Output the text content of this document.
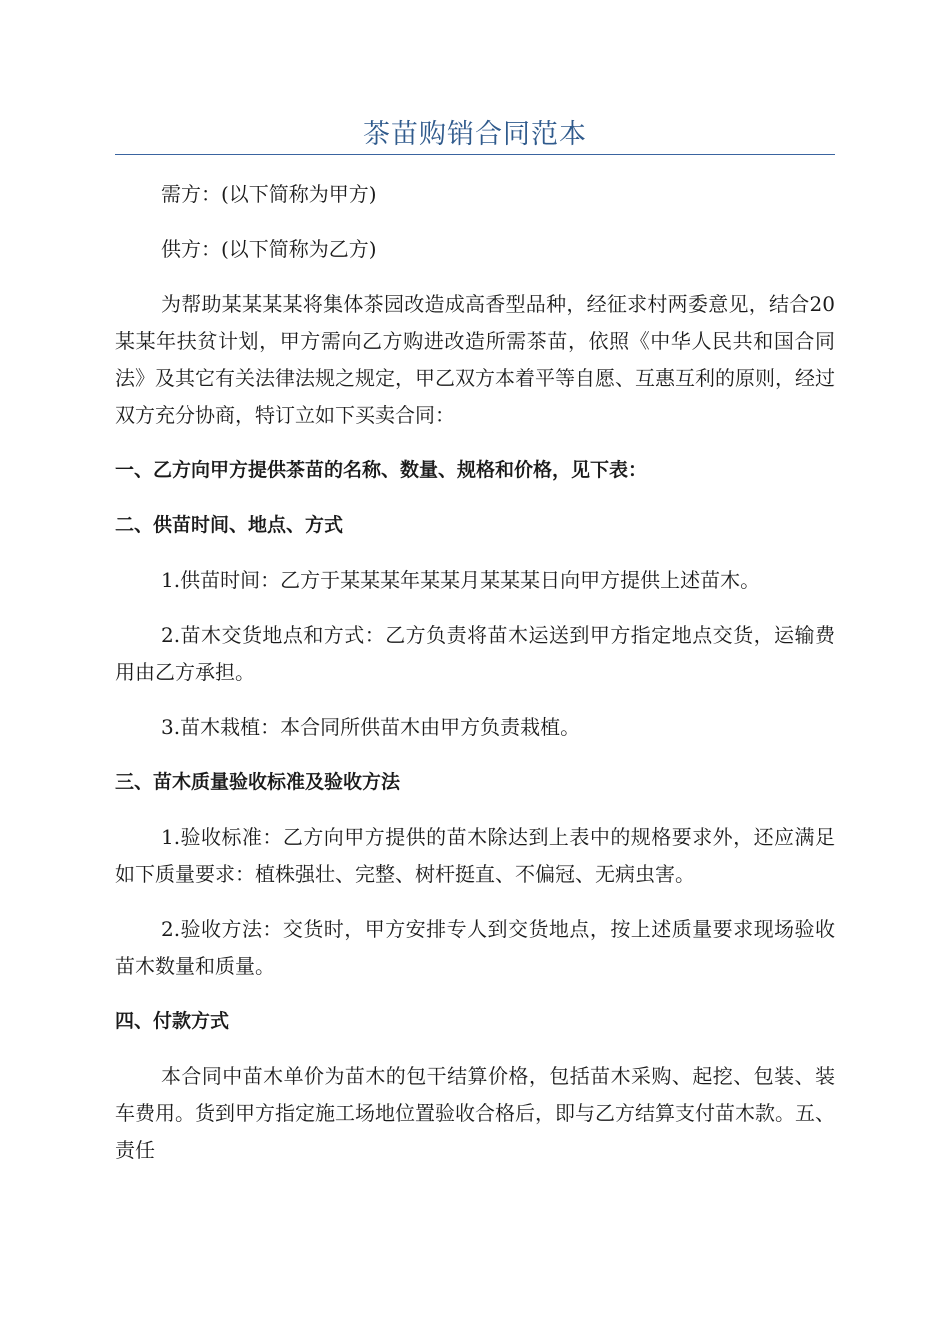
茶苗购销合同范本

需方：(以下简称为甲方)

供方：(以下简称为乙方)

为帮助某某某某将集体茶园改造成高香型品种，经征求村两委意见，结合20某某年扶贫计划，甲方需向乙方购进改造所需茶苗，依照《中华人民共和国合同法》及其它有关法律法规之规定，甲乙双方本着平等自愿、互惠互利的原则，经过双方充分协商，特订立如下买卖合同：

一、乙方向甲方提供茶苗的名称、数量、规格和价格，见下表：

二、供苗时间、地点、方式

1.供苗时间：乙方于某某某年某某月某某某日向甲方提供上述苗木。

2.苗木交货地点和方式：乙方负责将苗木运送到甲方指定地点交货，运输费用由乙方承担。

3.苗木栽植：本合同所供苗木由甲方负责栽植。

三、苗木质量验收标准及验收方法

1.验收标准：乙方向甲方提供的苗木除达到上表中的规格要求外，还应满足如下质量要求：植株强壮、完整、树杆挺直、不偏冠、无病虫害。

2.验收方法：交货时，甲方安排专人到交货地点，按上述质量要求现场验收苗木数量和质量。

四、付款方式

本合同中苗木单价为苗木的包干结算价格，包括苗木采购、起挖、包装、装车费用。货到甲方指定施工场地位置验收合格后，即与乙方结算支付苗木款。五、责任
